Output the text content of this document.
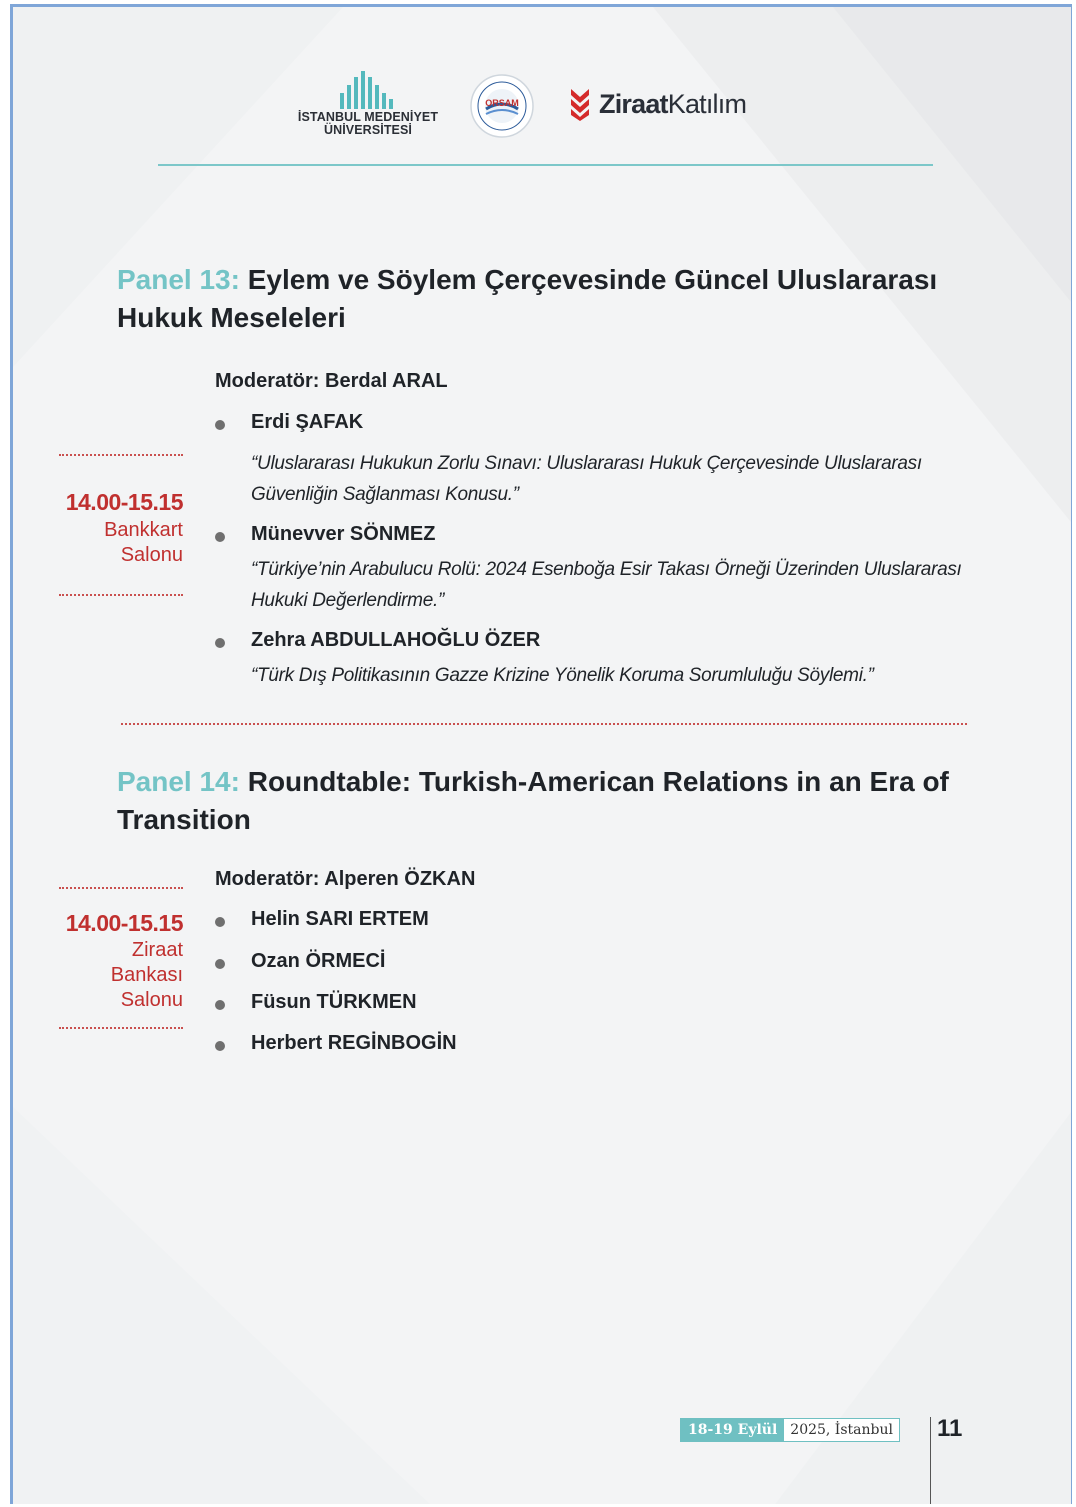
İSTANBUL MEDENİYET
ÜNİVERSİTESİ
ORSAM	ZiraatKatılım
Panel 13: Eylem ve Söylem Çerçevesinde Güncel Uluslararası Hukuk Meseleleri
Moderatör: Berdal ARAL
14.00-15.15
Bankkart
Salonu
Erdi ŞAFAK
“Uluslararası Hukukun Zorlu Sınavı: Uluslararası Hukuk Çerçevesinde Uluslararası Güvenliğin Sağlanması Konusu.”
Münevver SÖNMEZ
“Türkiye’nin Arabulucu Rolü: 2024 Esenboğa Esir Takası Örneği Üzerinden Uluslararası Hukuki Değerlendirme.”
Zehra ABDULLAHOĞLU ÖZER
“Türk Dış Politikasının Gazze Krizine Yönelik Koruma Sorumluluğu Söylemi.”
Panel 14: Roundtable: Turkish-American Relations in an Era of Transition
Moderatör: Alperen ÖZKAN
14.00-15.15
Ziraat
Bankası
Salonu
Helin SARI ERTEM
Ozan ÖRMECİ
Füsun TÜRKMEN
Herbert REGİNBOGİN
18-19 Eylül 2025, İstanbul 11
